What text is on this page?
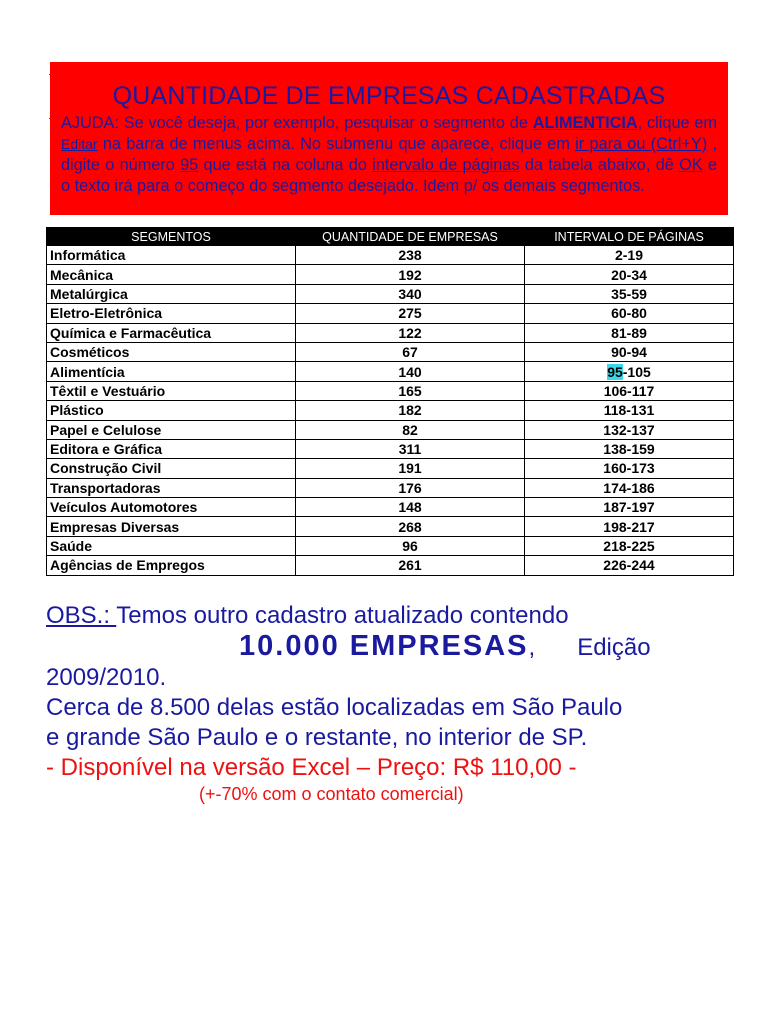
QUANTIDADE DE EMPRESAS CADASTRADAS
AJUDA: Se você deseja, por exemplo, pesquisar o segmento de ALIMENTICIA, clique em Editar na barra de menus acima. No submenu que aparece, clique em ir para ou (Ctrl+Y) , digite o número 95 que está na coluna do intervalo de páginas da tabela abaixo, dê OK e o texto irá para o começo do segmento desejado. Idem p/ os demais segmentos.
SEGMENTOS	QUANTIDADE DE EMPRESAS	INTERVALO DE PÁGINAS
Informática	238	2-19
Mecânica	192	20-34
Metalúrgica	340	35-59
Eletro-Eletrônica	275	60-80
Química e Farmacêutica	122	81-89
Cosméticos	67	90-94
Alimentícia	140	95-105
Têxtil e Vestuário	165	106-117
Plástico	182	118-131
Papel e Celulose	82	132-137
Editora e Gráfica	311	138-159
Construção Civil	191	160-173
Transportadoras	176	174-186
Veículos Automotores	148	187-197
Empresas Diversas	268	198-217
Saúde	96	218-225
Agências de Empregos	261	226-244
OBS.: Temos outro cadastro atualizado contendo
10.000 EMPRESAS, Edição
2009/2010.
Cerca de 8.500 delas estão localizadas em São Paulo
e grande São Paulo e o restante, no interior de SP.
- Disponível na versão Excel – Preço: R$ 110,00 -
(+-70% com o contato comercial)
